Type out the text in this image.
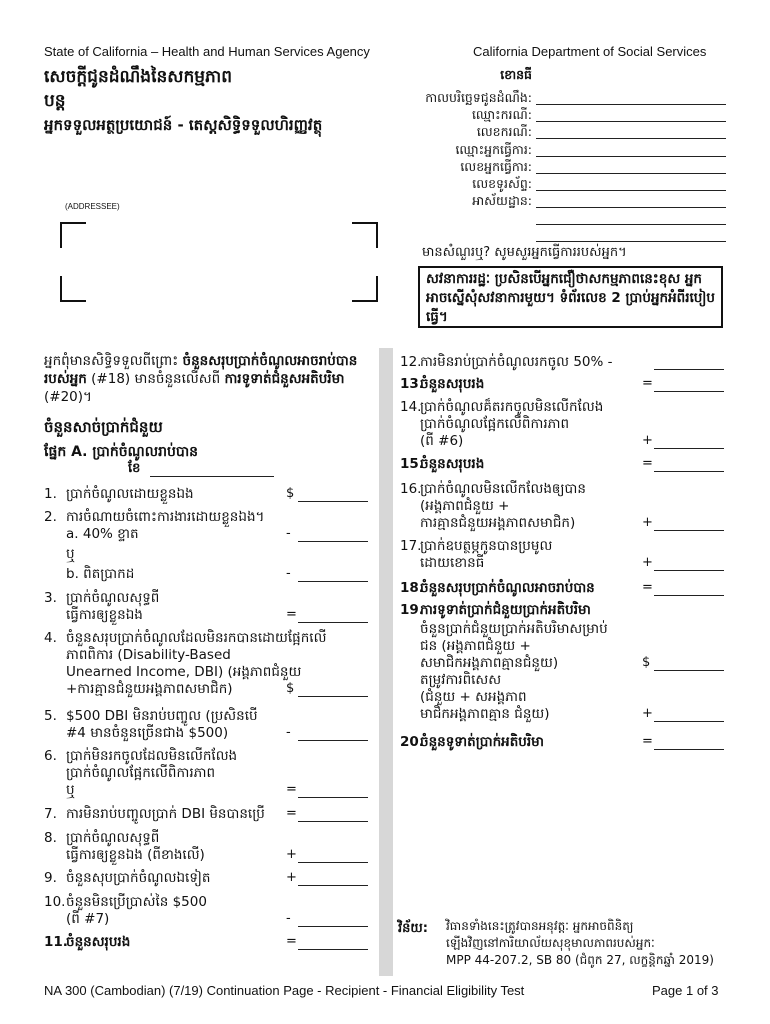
State of California – Health and Human Services Agency	California Department of Social Services
សេចក្ដីជូនដំណឹងនៃសកម្មភាព
បន្ត
អ្នកទទួលអត្ថប្រយោជន៍ - តេស្ដសិទ្ធិទទួលហិរញ្ញវត្ថុ
ខោនធី
កាលបរិច្ឆេទជូនដំណឹង:
ឈ្មោះករណី:
លេខករណី:
ឈ្មោះអ្នកធ្វើការ:
លេខអ្នកធ្វើការ:
លេខទូរស័ព្ទ:
អាស័យដ្ឋាន:
(ADDRESSEE)
មានសំណួរឬ? សូមសួរអ្នកធ្វើការរបស់អ្នក។
សវនាការរដ្ឋៈ ប្រសិនបើអ្នកជឿថាសកម្មភាពនេះខុស អ្នកអាចស្នើសុំសវនាការមួយ។ ទំព័រលេខ 2 ប្រាប់អ្នកអំពីរបៀបធ្វើ។
អ្នកពុំមានសិទ្ធិទទួលពីព្រោះ ចំនួនសរុបប្រាក់ចំណូលអាចរាប់បានរបស់អ្នក (#18) មានចំនួនលើសពី ការទូទាត់ជំនួសអតិបរិមា (#20)។
ចំនួនសាច់ប្រាក់ជំនួយ
ផ្នែក A. ប្រាក់ចំណូលរាប់បាន
ខែ
1. ប្រាក់ចំណូលដោយខ្លួនឯង	$
2. ការចំណាយចំពោះការងារដោយខ្លួនឯង។
a. 40% ខ្ទាត	-
ឬ
b. ពិតប្រាកដ	-
3. ប្រាក់ចំណូលសុទ្ធពី
ធ្វើការឲ្យខ្លួនឯង	=
4. ចំនួនសរុបប្រាក់ចំណូលដែលមិនរកបានដោយផ្អែកលើ
ភាពពិការ (Disability-Based
Unearned Income, DBI) (អង្គភាពជំនួយ
+ការគ្មានជំនួយអង្គភាពសមាជិក)	$
5. $500 DBI មិនរាប់បញ្ចូល (ប្រសិនបើ
#4 មានចំនួនច្រើនជាង $500)	-
6. ប្រាក់មិនរកចូលដែលមិនលើកលែង
ប្រាក់ចំណូលផ្អែកលើពិការភាព
ឬ	=
7. ការមិនរាប់បញ្ចូលប្រាក់ DBI មិនបានប្រើ =
8. ប្រាក់ចំណូលសុទ្ធពី
ធ្វើការឲ្យខ្លួនឯង (ពីខាងលើ)	+
9. ចំនួនសុបប្រាក់ចំណូលឯទៀត	+
10. ចំនួនមិនប្រើប្រាស់នៃ $500
(ពី #7)	-
11.
ចំនួនសរុបរង	=
12.
ការមិនរាប់ប្រាក់ចំណូលរកចូល 50% -
13.
ចំនួនសរុបរង	=
14.
ប្រាក់ចំណូលគ៏តរកចូលមិនលើកលែង
ប្រាក់ចំណូលផ្អែកលើពិការភាព
(ពី #6)	+
15.
ចំនួនសរុបរង	=
16.
ប្រាក់ចំណូលមិនលើកលែងឲ្យបាន
(អង្គភាពជំនួយ +
ការគ្មានជំនួយអង្គភាពសមាជិក)	+
17.
ប្រាក់ឧបត្ថម្ភកូនបានប្រមូល
ដោយខោនធី	+
18.
ចំនួនសរុបប្រាក់ចំណូលអាចរាប់បាន	=
19.
ការទូទាត់ប្រាក់ជំនួយប្រាក់អតិបរិមា
ចំនួនប្រាក់ជំនួយប្រាក់អតិបរិមាសម្រាប់
ជន (អង្គភាពជំនួយ +
សមាជិកអង្គភាពគ្មានជំនួយ)	$
តម្រូវការពិសេស
(ជំនួយ + សអង្គភាព
មាជិកអង្គភាពគ្មាន ជំនួយ)	+
20.
ចំនួនទូទាត់ប្រាក់អតិបរិមា	=
វិន័យ: វិធានទាំងនេះត្រូវបានអនុវត្តៈ អ្នកអាចពិនិត្យ
ឡើងវិញនៅការិយាល័យសុខុមាលភាពរបស់អ្នកៈ
MPP 44-207.2, SB 80 (ជំពូក 27, លក្ខន្តិកឆ្នាំ 2019)
NA 300 (Cambodian) (7/19) Continuation Page - Recipient - Financial Eligibility Test	Page 1 of 3
